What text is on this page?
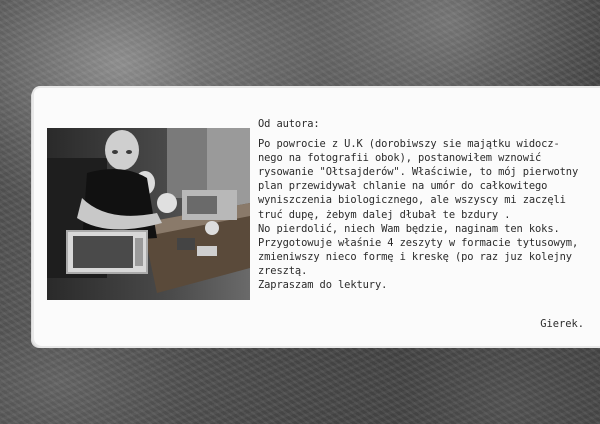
Od autora:

Po powrocie z U.K (dorobiwszy sie majątku widocz-
nego na fotografii obok), postanowiłem wznowić
rysowanie "Ołtsajderów". Właściwie, to mój pierwotny
plan przewidywał chlanie na umór do całkowitego
wyniszczenia biologicznego, ale wszyscy mi zaczęli
truć dupę, żebym dalej dłubał te bzdury .

No pierdolić, niech Wam będzie, naginam ten koks.

Przygotowuje właśnie 4 zeszyty w formacie tytusowym,
zmieniwszy nieco formę i kreskę (po raz juz kolejny
zresztą.

Zapraszam do lektury.

Gierek.
